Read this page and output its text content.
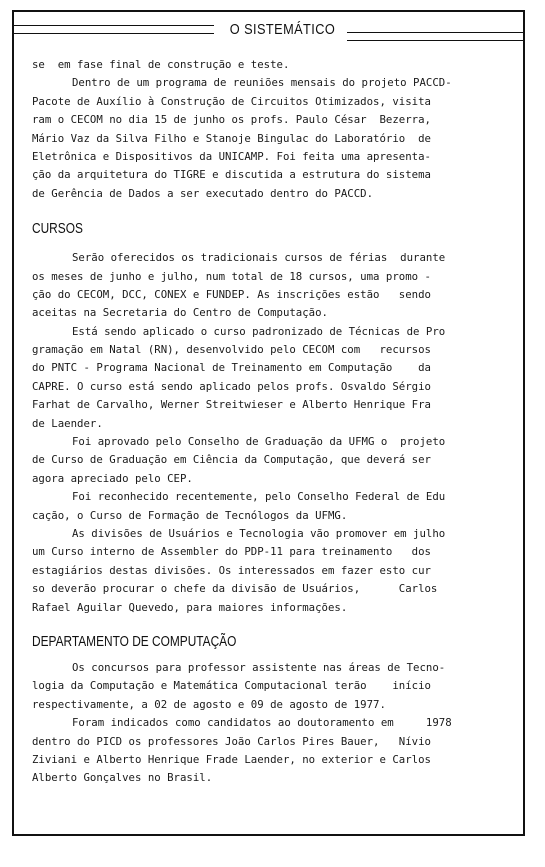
O SISTEMÁTICO

se  em fase final de construção e teste.

Dentro de um programa de reuniões mensais do projeto PACCD-
Pacote de Auxílio à Construção de Circuitos Otimizados, visita
ram o CECOM no dia 15 de junho os profs. Paulo César  Bezerra,
Mário Vaz da Silva Filho e Stanoje Bingulac do Laboratório  de
Eletrônica e Dispositivos da UNICAMP. Foi feita uma apresenta-
ção da arquitetura do TIGRE e discutida a estrutura do sistema
de Gerência de Dados a ser executado dentro do PACCD.

CURSOS

Serão oferecidos os tradicionais cursos de férias  durante
os meses de junho e julho, num total de 18 cursos, uma promo -
ção do CECOM, DCC, CONEX e FUNDEP. As inscrições estão   sendo
aceitas na Secretaria do Centro de Computação.

Está sendo aplicado o curso padronizado de Técnicas de Pro
gramação em Natal (RN), desenvolvido pelo CECOM com   recursos
do PNTC - Programa Nacional de Treinamento em Computação    da
CAPRE. O curso está sendo aplicado pelos profs. Osvaldo Sérgio
Farhat de Carvalho, Werner Streitwieser e Alberto Henrique Fra
de Laender.

Foi aprovado pelo Conselho de Graduação da UFMG o  projeto
de Curso de Graduação em Ciência da Computação, que deverá ser
agora apreciado pelo CEP.

Foi reconhecido recentemente, pelo Conselho Federal de Edu
cação, o Curso de Formação de Tecnólogos da UFMG.

As divisões de Usuários e Tecnologia vão promover em julho
um Curso interno de Assembler do PDP-11 para treinamento   dos
estagiários destas divisões. Os interessados em fazer esto cur
so deverão procurar o chefe da divisão de Usuários,      Carlos
Rafael Aguilar Quevedo, para maiores informações.

DEPARTAMENTO DE COMPUTAÇÃO

Os concursos para professor assistente nas áreas de Tecno-
logia da Computação e Matemática Computacional terão    início
respectivamente, a 02 de agosto e 09 de agosto de 1977.

Foram indicados como candidatos ao doutoramento em     1978
dentro do PICD os professores João Carlos Pires Bauer,   Nívio
Ziviani e Alberto Henrique Frade Laender, no exterior e Carlos
Alberto Gonçalves no Brasil.
